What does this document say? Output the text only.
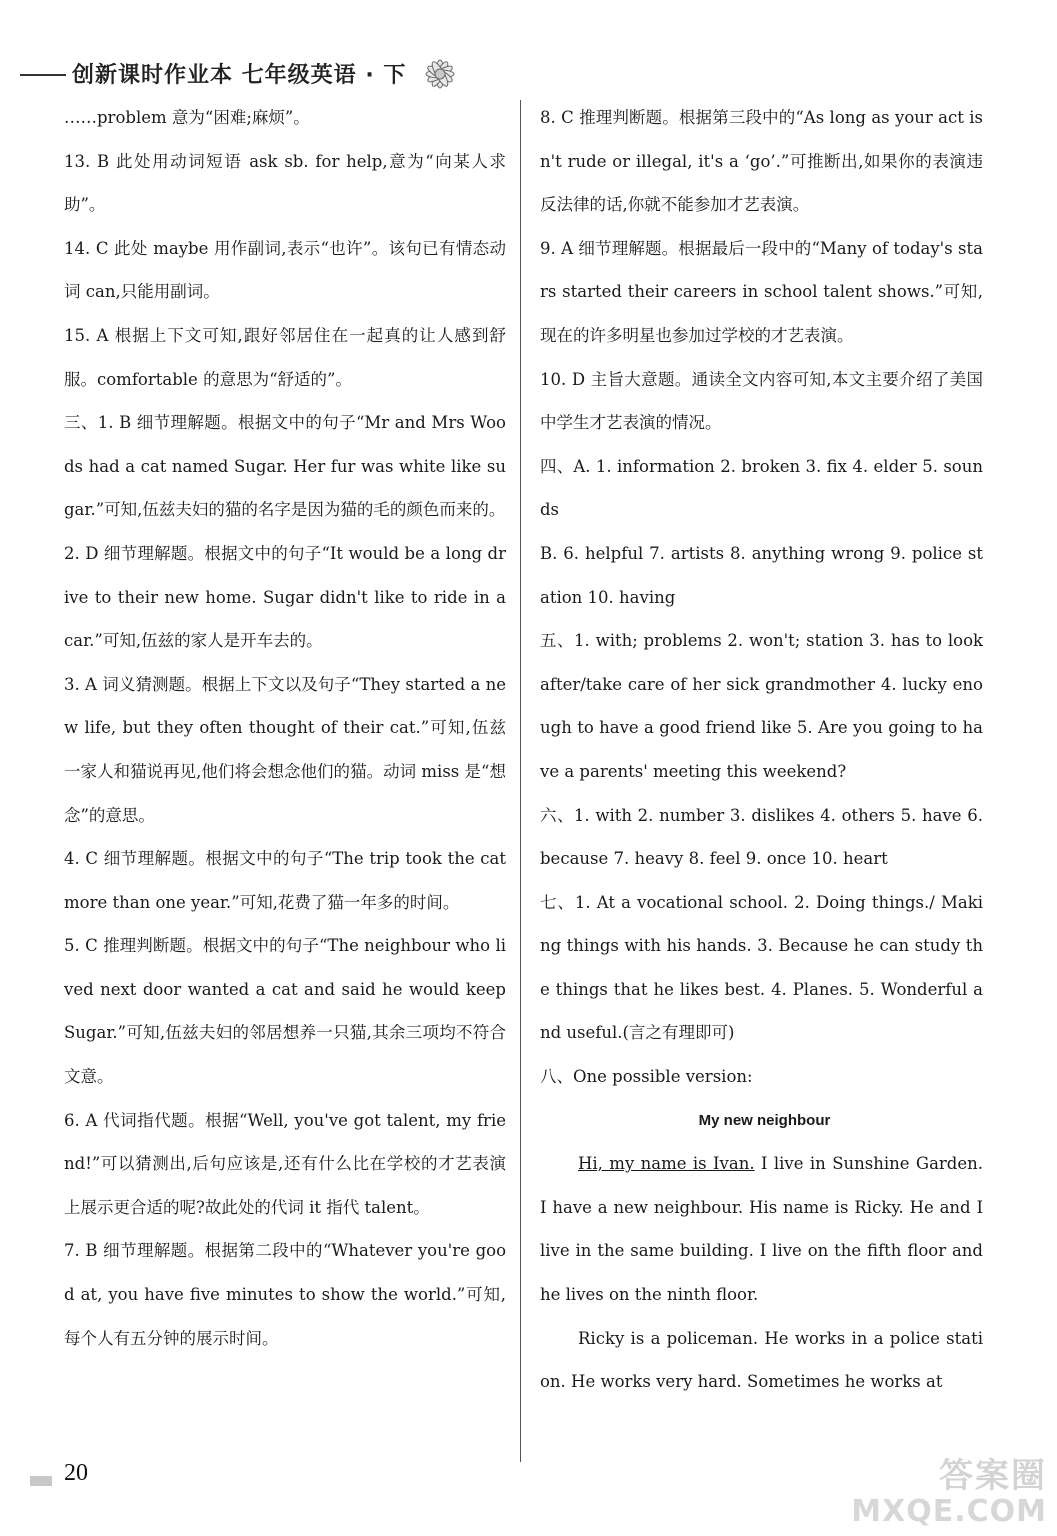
创新课时作业本 七年级英语 · 下
……problem 意为“困难;麻烦”。
13. B 此处用动词短语 ask sb. for help,意为“向某人求助”。
14. C 此处 maybe 用作副词,表示“也许”。该句已有情态动词 can,只能用副词。
15. A 根据上下文可知,跟好邻居住在一起真的让人感到舒服。comfortable 的意思为“舒适的”。
三、1. B 细节理解题。根据文中的句子“Mr and Mrs Woods had a cat named Sugar. Her fur was white like sugar.”可知,伍兹夫妇的猫的名字是因为猫的毛的颜色而来的。
2. D 细节理解题。根据文中的句子“It would be a long drive to their new home. Sugar didn't like to ride in a car.”可知,伍兹的家人是开车去的。
3. A 词义猜测题。根据上下文以及句子“They started a new life, but they often thought of their cat.”可知,伍兹一家人和猫说再见,他们将会想念他们的猫。动词 miss 是“想念”的意思。
4. C 细节理解题。根据文中的句子“The trip took the cat more than one year.”可知,花费了猫一年多的时间。
5. C 推理判断题。根据文中的句子“The neighbour who lived next door wanted a cat and said he would keep Sugar.”可知,伍兹夫妇的邻居想养一只猫,其余三项均不符合文意。
6. A 代词指代题。根据“Well, you've got talent, my friend!”可以猜测出,后句应该是,还有什么比在学校的才艺表演上展示更合适的呢?故此处的代词 it 指代 talent。
7. B 细节理解题。根据第二段中的“Whatever you're good at, you have five minutes to show the world.”可知,每个人有五分钟的展示时间。
8. C 推理判断题。根据第三段中的“As long as your act isn't rude or illegal, it's a ‘go’.”可推断出,如果你的表演违反法律的话,你就不能参加才艺表演。
9. A 细节理解题。根据最后一段中的“Many of today's stars started their careers in school talent shows.”可知,现在的许多明星也参加过学校的才艺表演。
10. D 主旨大意题。通读全文内容可知,本文主要介绍了美国中学生才艺表演的情况。
四、A. 1. information 2. broken 3. fix 4. elder 5. sounds
B. 6. helpful 7. artists 8. anything wrong 9. police station 10. having
五、1. with; problems 2. won't; station 3. has to look after/take care of her sick grandmother 4. lucky enough to have a good friend like 5. Are you going to have a parents' meeting this weekend?
六、1. with 2. number 3. dislikes 4. others 5. have 6. because 7. heavy 8. feel 9. once 10. heart
七、1. At a vocational school. 2. Doing things./ Making things with his hands. 3. Because he can study the things that he likes best. 4. Planes. 5. Wonderful and useful.(言之有理即可)
八、One possible version:
My new neighbour
Hi, my name is Ivan. I live in Sunshine Garden. I have a new neighbour. His name is Ricky. He and I live in the same building. I live on the fifth floor and he lives on the ninth floor.
Ricky is a policeman. He works in a police station. He works very hard. Sometimes he works at
20	答案圈
MXQE.COM
